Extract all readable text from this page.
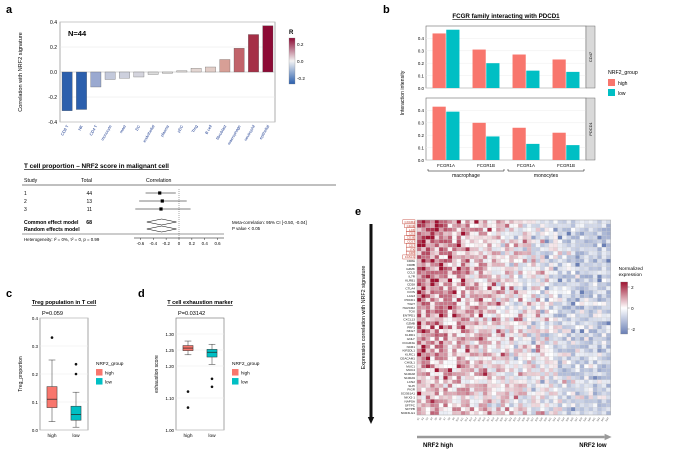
a	b
c	d
e
-0.4
-0.2
0.0
0.2
0.4
CD8 T NK CD4 T monocyte mast DC endothelial plasma pDC Treg B cell fibroblast
macrophage neutrophil epithelial
N=44
Correlation with NRF2 signature	R
0.2
0.0
-0.2
T cell proportion – NRF2 score in malignant cell
Study	Total	Correlation
1	44
2	13
3	11
Common effect model 68
Random effects model
-0.6 -0.4 -0.2 0 0.2 0.4 0.6
Meta-correlation: 95% CI [-0.50, -0.04]
P value < 0.05
Heterogeneity: I² = 0%, τ² = 0, p = 0.99
FCGR family interacting with PDCD1
0.0
0.1
0.2
0.3
0.4
CD47
0.0
0.1
0.2
0.3
0.4
PDCD1
FCGR1A	FCGR1B	FCGR1A	FCGR1B
macrophage	monocytes
Interaction intensity	NRF2_group
high
low
Treg population in T cell
P=0.059
0.0
0.1
0.2
0.3
0.4
high	low
Treg_proportion	NRF2_group
high
low
T cell exhaustion marker
P=0.03142
1.00
1.10
1.20
1.25
1.30
high	low
exhaustion score	NRF2_group
high
low
CXCR4
CD3D
LCK
CD2
CD3E
CD27
CD7
ITK
CD5
FASLG
CD8A
CD8B
GZMK
CCL5
IL7R
KLRB1
CD28
CTLA4
ICOS
LAG3
PDCD1
TIGIT
HAVCR2
TOX
ENTPD1
CXCL13
GZMB
PRF1
NKG7
KLRD1
GNLY
FCGR3A
NCR1
KIR2DL1
KLRC1
CEACAM1
CHI3L1
MUC1
MUC4
S100A8
S100A9
LCN2
SLPI
PIGR
SCGB1A1
NKX2-1
NAPSA
SFTPC
SFTPB
NCR3LG1
S1 S2 S3 S4 S5 S6 S7 S8 S9 S10 S11 S12 S13 S14 S15 S16 S17 S18 S19 S20 S21 S22 S23 S24 S25 S26 S27 S28 S29 S30 S31 S32 S33 S34 S35 S36 S37 S38 S39 S40 S41 S42 S43 S44
Expression correlation with NRF2 signature
NRF2 high	NRF2 low
Normalized
expression
2
0
-2
